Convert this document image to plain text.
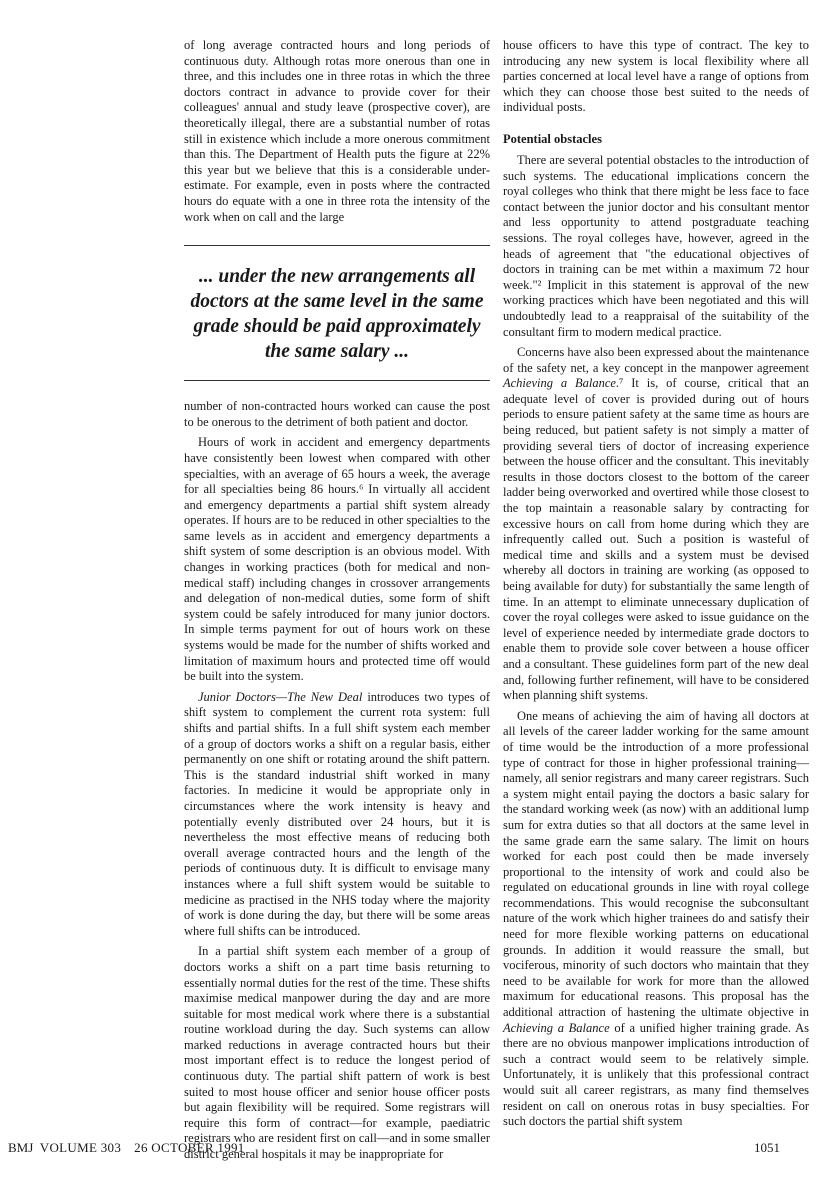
of long average contracted hours and long periods of continuous duty. Although rotas more onerous than one in three, and this includes one in three rotas in which the three doctors contract in advance to provide cover for their colleagues' annual and study leave (prospective cover), are theoretically illegal, there are a substantial number of rotas still in existence which include a more onerous commitment than this. The Department of Health puts the figure at 22% this year but we believe that this is a considerable under-estimate. For example, even in posts where the contracted hours do equate with a one in three rota the intensity of the work when on call and the large

... under the new arrangements all doctors at the same level in the same grade should be paid approximately the same salary ...

number of non-contracted hours worked can cause the post to be onerous to the detriment of both patient and doctor.

Hours of work in accident and emergency departments have consistently been lowest when compared with other specialties, with an average of 65 hours a week, the average for all specialties being 86 hours.⁶ In virtually all accident and emergency departments a partial shift system already operates. If hours are to be reduced in other specialties to the same levels as in accident and emergency departments a shift system of some description is an obvious model. With changes in working practices (both for medical and non-medical staff) including changes in crossover arrangements and delegation of non-medical duties, some form of shift system could be safely introduced for many junior doctors. In simple terms payment for out of hours work on these systems would be made for the number of shifts worked and limitation of maximum hours and protected time off would be built into the system.

Junior Doctors—The New Deal introduces two types of shift system to complement the current rota system: full shifts and partial shifts. In a full shift system each member of a group of doctors works a shift on a regular basis, either permanently on one shift or rotating around the shift pattern. This is the standard industrial shift worked in many factories. In medicine it would be appropriate only in circumstances where the work intensity is heavy and potentially evenly distributed over 24 hours, but it is nevertheless the most effective means of reducing both overall average contracted hours and the length of the periods of continuous duty. It is difficult to envisage many instances where a full shift system would be suitable to medicine as practised in the NHS today where the majority of work is done during the day, but there will be some areas where full shifts can be introduced.

In a partial shift system each member of a group of doctors works a shift on a part time basis returning to essentially normal duties for the rest of the time. These shifts maximise medical manpower during the day and are more suitable for most medical work where there is a substantial routine workload during the day. Such systems can allow marked reductions in average contracted hours but their most important effect is to reduce the longest period of continuous duty. The partial shift pattern of work is best suited to most house officer and senior house officer posts but again flexibility will be required. Some registrars will require this form of contract—for example, paediatric registrars who are resident first on call—and in some smaller district general hospitals it may be inappropriate for

house officers to have this type of contract. The key to introducing any new system is local flexibility where all parties concerned at local level have a range of options from which they can choose those best suited to the needs of individual posts.

Potential obstacles

There are several potential obstacles to the introduction of such systems. The educational implications concern the royal colleges who think that there might be less face to face contact between the junior doctor and his consultant mentor and less opportunity to attend postgraduate teaching sessions. The royal colleges have, however, agreed in the heads of agreement that "the educational objectives of doctors in training can be met within a maximum 72 hour week."² Implicit in this statement is approval of the new working practices which have been negotiated and this will undoubtedly lead to a reappraisal of the suitability of the consultant firm to modern medical practice.

Concerns have also been expressed about the maintenance of the safety net, a key concept in the manpower agreement Achieving a Balance.⁷ It is, of course, critical that an adequate level of cover is provided during out of hours periods to ensure patient safety at the same time as hours are being reduced, but patient safety is not simply a matter of providing several tiers of doctor of increasing experience between the house officer and the consultant. This inevitably results in those doctors closest to the bottom of the career ladder being overworked and overtired while those closest to the top maintain a reasonable salary by contracting for excessive hours on call from home during which they are infrequently called out. Such a position is wasteful of medical time and skills and a system must be devised whereby all doctors in training are working (as opposed to being available for duty) for substantially the same length of time. In an attempt to eliminate unnecessary duplication of cover the royal colleges were asked to issue guidance on the level of experience needed by intermediate grade doctors to enable them to provide sole cover between a house officer and a consultant. These guidelines form part of the new deal and, following further refinement, will have to be considered when planning shift systems.

One means of achieving the aim of having all doctors at all levels of the career ladder working for the same amount of time would be the introduction of a more professional type of contract for those in higher professional training—namely, all senior registrars and many career registrars. Such a system might entail paying the doctors a basic salary for the standard working week (as now) with an additional lump sum for extra duties so that all doctors at the same level in the same grade earn the same salary. The limit on hours worked for each post could then be made inversely proportional to the intensity of work and could also be regulated on educational grounds in line with royal college recommendations. This would recognise the subconsultant nature of the work which higher trainees do and satisfy their need for more flexible working patterns on educational grounds. In addition it would reassure the small, but vociferous, minority of such doctors who maintain that they need to be available for work for more than the allowed maximum for educational reasons. This proposal has the additional attraction of hastening the ultimate objective in Achieving a Balance of a unified higher training grade. As there are no obvious manpower implications introduction of such a contract would seem to be relatively simple. Unfortunately, it is unlikely that this professional contract would suit all career registrars, as many find themselves resident on call on onerous rotas in busy specialties. For such doctors the partial shift system

BMJ VOLUME 303 26 OCTOBER 1991	1051
